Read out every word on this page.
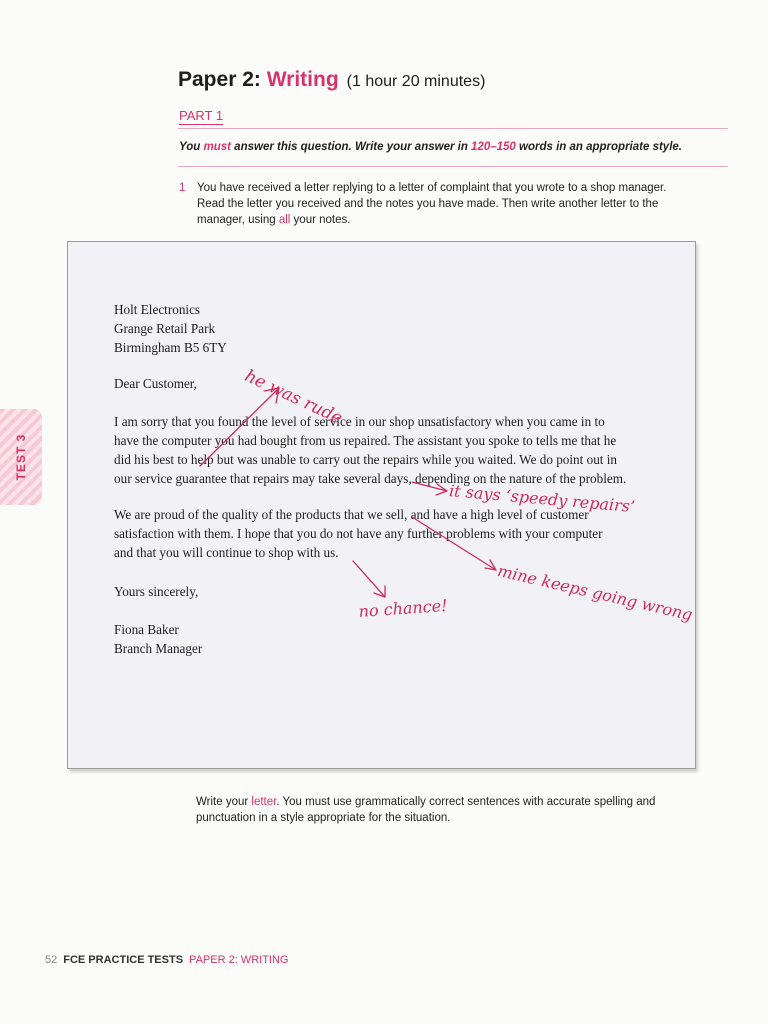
Paper 2: Writing (1 hour 20 minutes)
PART 1

You must answer this question. Write your answer in 120–150 words in an appropriate style.

1	You have received a letter replying to a letter of complaint that you wrote to a shop manager.
Read the letter you received and the notes you have made. Then write another letter to the
manager, using all your notes.
TEST 3

Holt Electronics

Grange Retail Park

Birmingham B5 6TY

Dear Customer,

I am sorry that you found the level of service in our shop unsatisfactory when you came in to

have the computer you had bought from us repaired. The assistant you spoke to tells me that he

did his best to help but was unable to carry out the repairs while you waited. We do point out in

our service guarantee that repairs may take several days, depending on the nature of the problem.

We are proud of the quality of the products that we sell, and have a high level of customer

satisfaction with them. I hope that you do not have any further problems with your computer

and that you will continue to shop with us.

Yours sincerely,

Fiona Baker

Branch Manager

he was rude

it says ‘speedy repairs’

mine keeps going wrong

no chance!

Write your letter. You must use grammatically correct sentences with accurate spelling and
punctuation in a style appropriate for the situation.
52 FCE PRACTICE TESTS PAPER 2: WRITING
